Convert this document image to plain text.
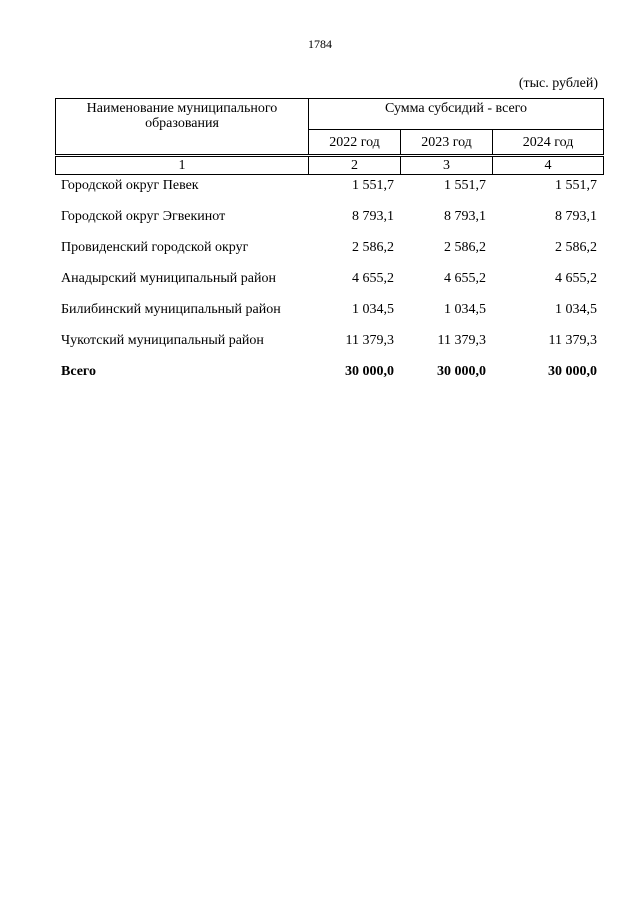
1784
(тыс. рублей)
Наименование муниципального образования	Сумма субсидий - всего		
	2022 год	2023 год	2024 год

1	2	3	4
Городской округ Певек	1 551,7	1 551,7	1 551,7
Городской округ Эгвекинот	8 793,1	8 793,1	8 793,1
Провиденский городской округ	2 586,2	2 586,2	2 586,2
Анадырский муниципальный район	4 655,2	4 655,2	4 655,2
Билибинский муниципальный район	1 034,5	1 034,5	1 034,5
Чукотский муниципальный район	11 379,3	11 379,3	11 379,3
Всего	30 000,0	30 000,0	30 000,0
